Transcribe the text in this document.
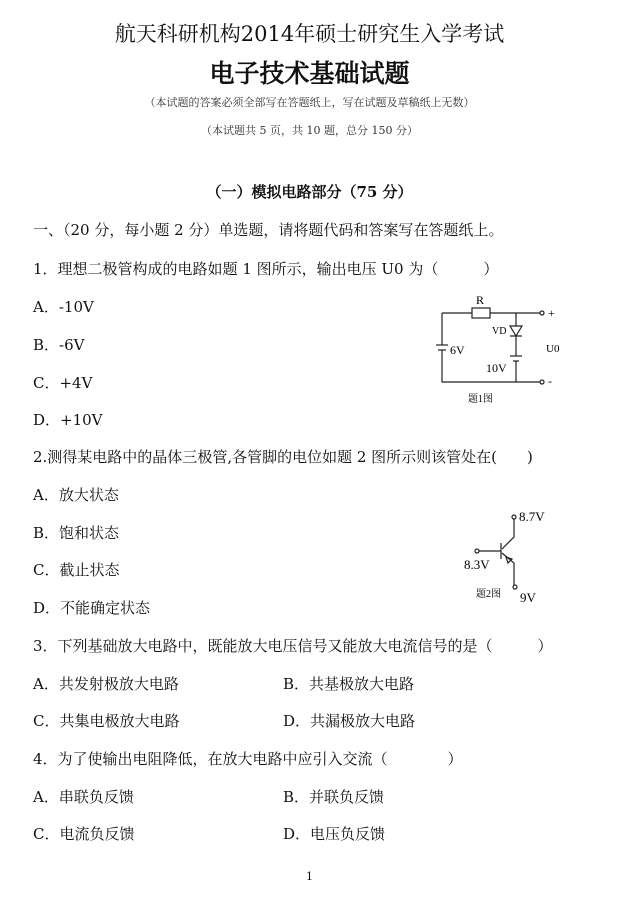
航天科研机构2014年硕士研究生入学考试
电子技术基础试题
（本试题的答案必须全部写在答题纸上，写在试题及草稿纸上无数）
（本试题共 5 页，共 10 题，总分 150 分）
（一）模拟电路部分（75 分）
一、（20 分，每小题 2 分）单选题，请将题代码和答案写在答题纸上。
1．理想二极管构成的电路如题 1 图所示，输出电压 U0 为（　　　）
A．-10V
B．-6V
C．+4V
D．+10V
R
VD
6V
10V
+
-
U0
题1图
2.测得某电路中的晶体三极管,各管脚的电位如题 2 图所示则该管处在(　　)
A．放大状态
B．饱和状态
C．截止状态
D．不能确定状态
8.7V
8.3V
9V
题2图
3．下列基础放大电路中，既能放大电压信号又能放大电流信号的是（　　　）
A．共发射极放大电路	B．共基极放大电路
C．共集电极放大电路	D．共漏极放大电路
4．为了使输出电阻降低，在放大电路中应引入交流（　　　　）
A．串联负反馈	B．并联负反馈
C．电流负反馈	D．电压负反馈
1
